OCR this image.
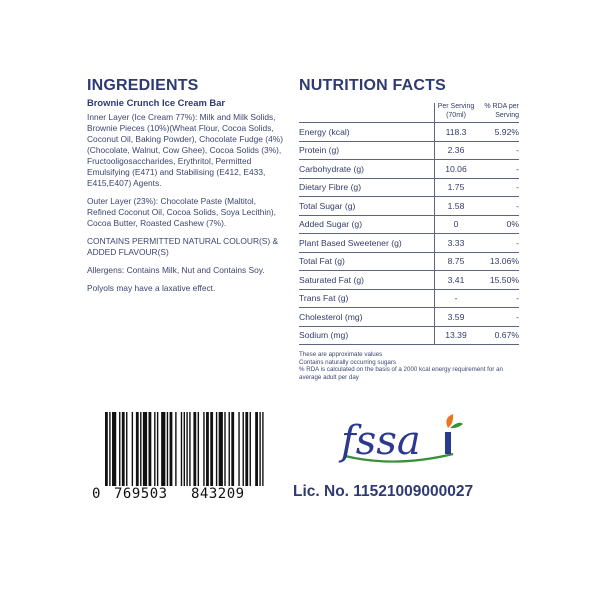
INGREDIENTS
Brownie Crunch Ice Cream Bar

Inner Layer (Ice Cream 77%): Milk and Milk Solids, Brownie Pieces (10%)(Wheat Flour, Cocoa Solids, Coconut Oil, Baking Powder), Chocolate Fudge (4%)(Chocolate, Walnut, Cow Ghee), Cocoa Solids (3%), Fructooligosaccharides, Erythritol, Permitted Emulsifying (E471) and Stabilising (E412, E433, E415,E407) Agents.

Outer Layer (23%): Chocolate Paste (Maltitol, Refined Coconut Oil, Cocoa Solids, Soya Lecithin), Cocoa Butter, Roasted Cashew (7%).

CONTAINS PERMITTED NATURAL COLOUR(S) & ADDED FLAVOUR(S)

Allergens: Contains Milk, Nut and Contains Soy.

Polyols may have a laxative effect.

NUTRITION FACTS
	Per Serving (70ml)	% RDA per Serving
Energy (kcal)	118.3	5.92%
Protein (g)	2.36	-
Carbohydrate (g)	10.06	-
Dietary Fibre (g)	1.75	-
Total Sugar (g)	1.58	-
Added Sugar (g)	0	0%
Plant Based Sweetener (g)	3.33	-
Total Fat (g)	8.75	13.06%
Saturated Fat (g)	3.41	15.50%
Trans Fat (g)	-	-
Cholesterol (mg)	3.59	-
Sodium (mg)	13.39	0.67%
These are approximate values
Contains naturally occurring sugars
% RDA is calculated on the basis of a 2000 kcal energy requirement for an average adult per day
0 769503 843209
fssa
Lic. No. 11521009000027
